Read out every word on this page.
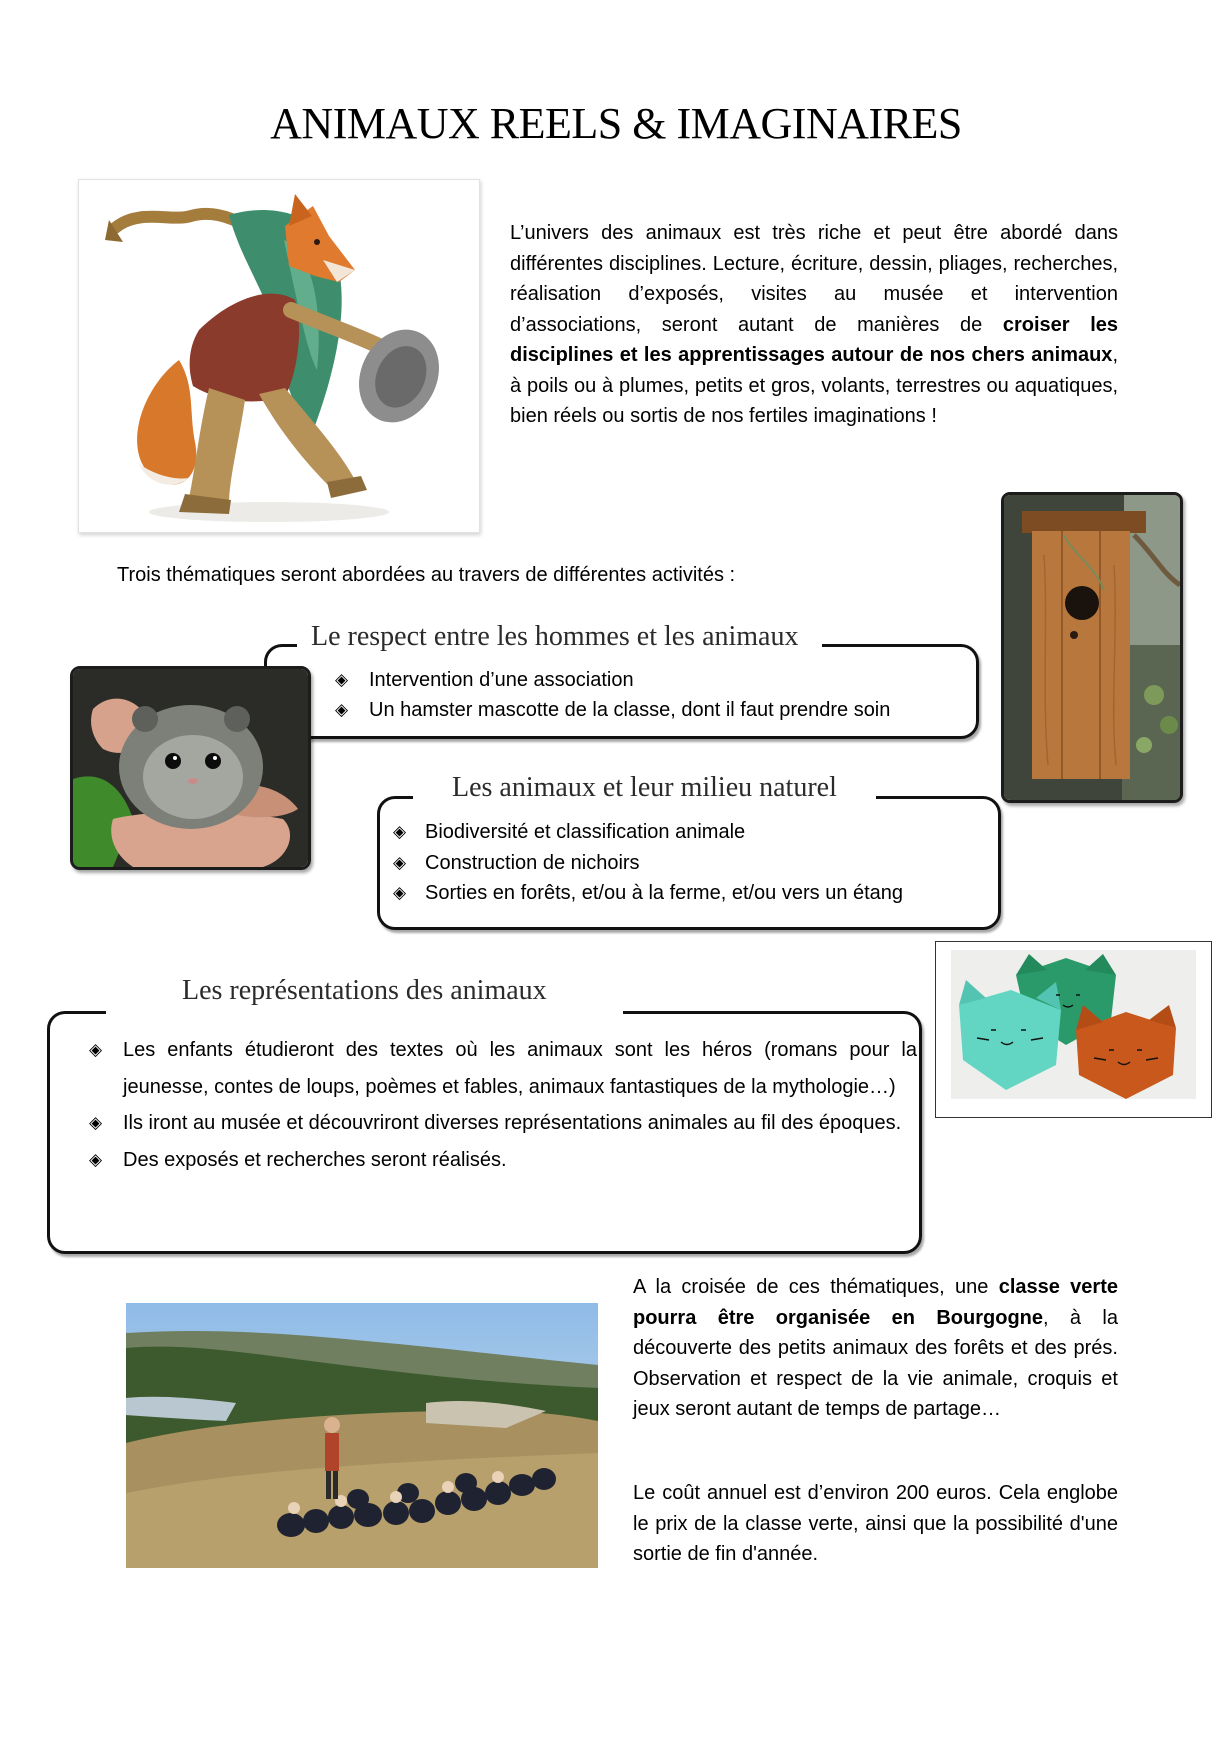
ANIMAUX REELS & IMAGINAIRES

L’univers des animaux est très riche et peut être abordé dans différentes disciplines. Lecture, écriture, dessin, pliages, recherches, réalisation d’exposés, visites au musée et intervention d’associations, seront autant de manières de croiser les disciplines et les apprentissages autour de nos chers animaux, à poils ou à plumes, petits et gros, volants, terrestres ou aquatiques, bien réels ou sortis de nos fertiles imaginations !

Trois thématiques seront abordées au travers de différentes activités :

Le respect entre les hommes et les animaux
◈
Intervention d’une association
◈
Un hamster mascotte de la classe, dont il faut prendre soin
Les animaux et leur milieu naturel
◈
Biodiversité et classification animale
◈
Construction de nichoirs
◈
Sorties en forêts, et/ou à la ferme, et/ou vers un étang
Les représentations des animaux
◈
Les enfants étudieront des textes où les animaux sont les héros (romans pour la jeunesse, contes de loups, poèmes et fables, animaux fantastiques de la mythologie…)
◈
Ils iront au musée et découvriront diverses représentations animales au fil des époques.
◈
Des exposés et recherches seront réalisés.

A la croisée de ces thématiques, une classe verte pourra être organisée en Bourgogne, à la découverte des petits animaux des forêts et des prés. Observation et respect de la vie animale, croquis et jeux seront autant de temps de partage…

Le coût annuel est d’environ 200 euros. Cela englobe le prix de la classe verte, ainsi que la possibilité d'une sortie de fin d'année.
